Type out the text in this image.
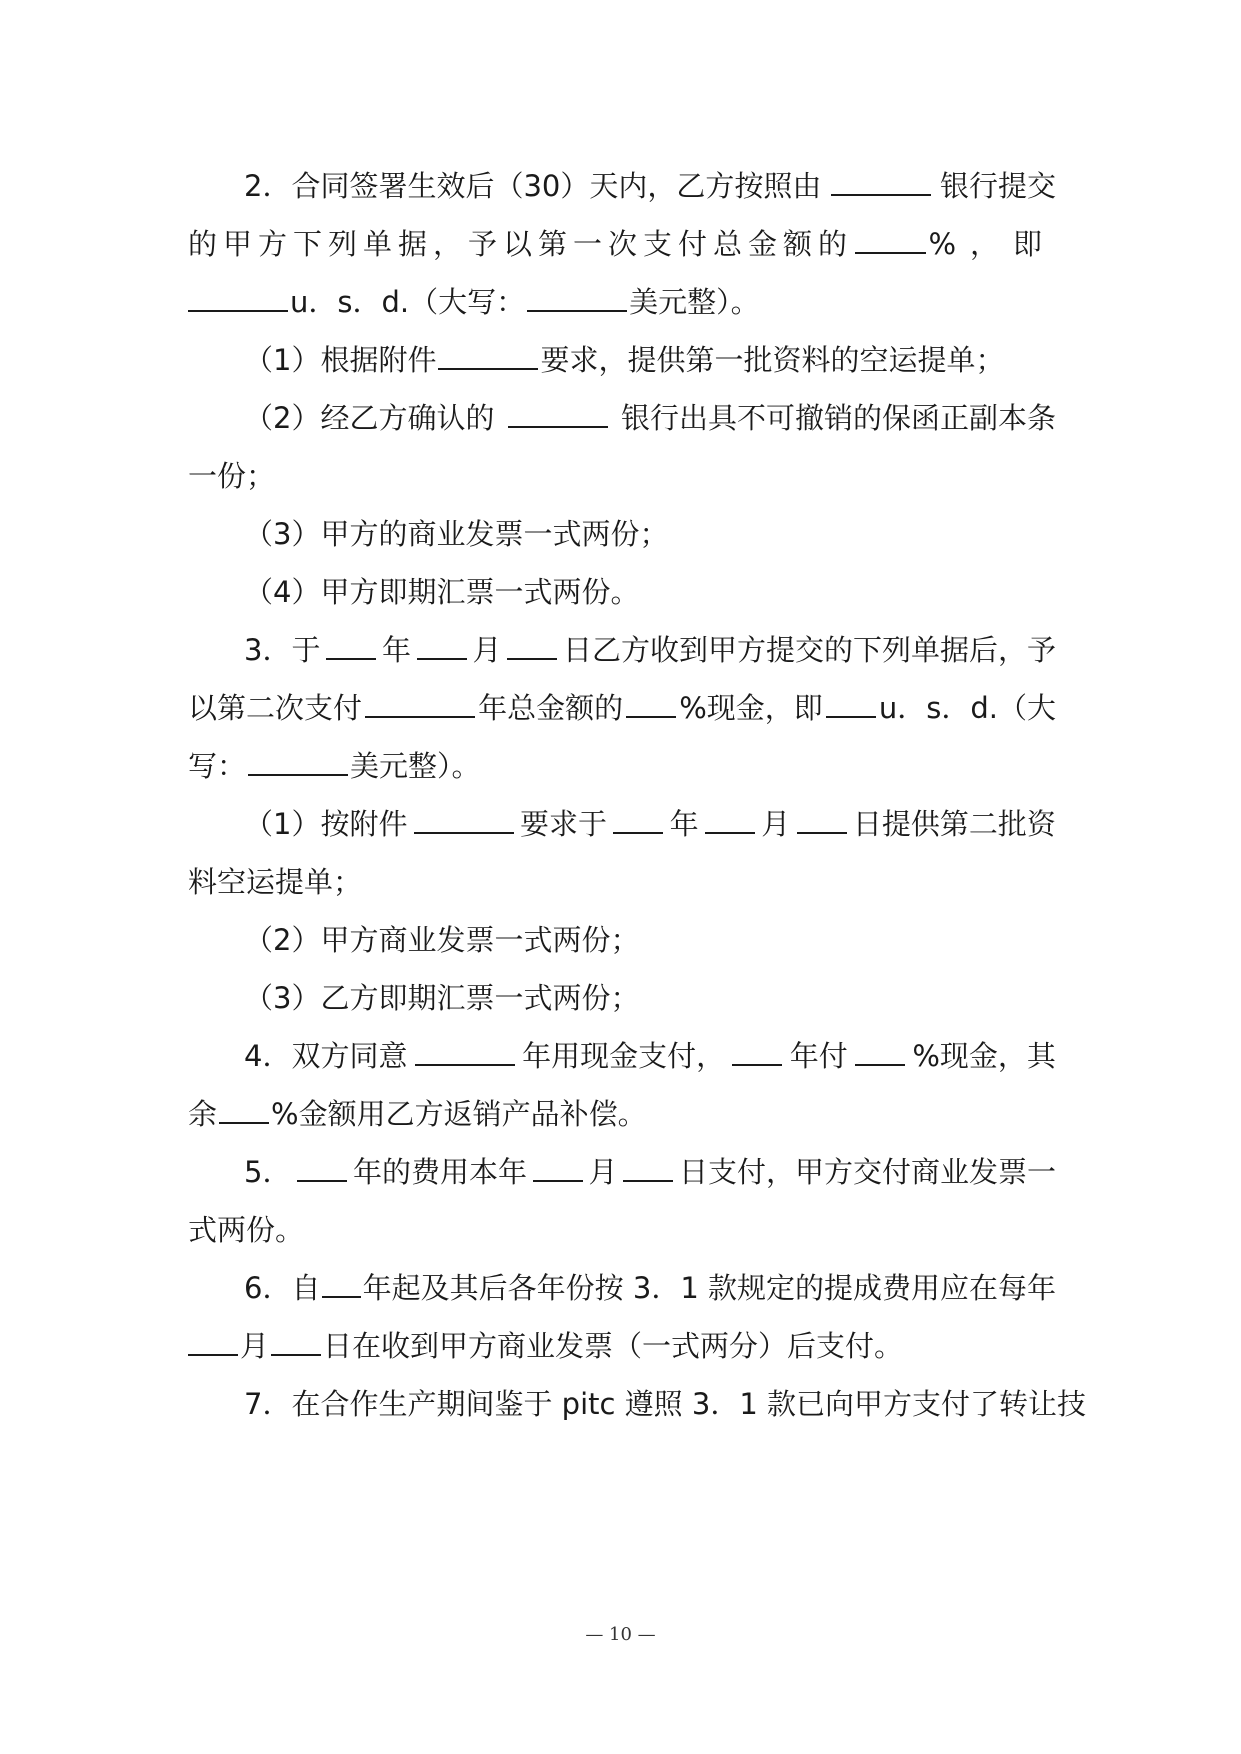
2．合同签署生效后（30）天内，乙方按照由	银行提交
的甲方下列单据，予以第一次支付总金额的	%，即
u．s．d.（大写：	美元整）。
（1）根据附件	要求，提供第一批资料的空运提单；
（2）经乙方确认的	银行出具不可撤销的保函正副本条
一份；
（3）甲方的商业发票一式两份；
（4）甲方即期汇票一式两份。
3．于 年 月 日乙方收到甲方提交的下列单据后，予
以第二次支付	年总金额的 %现金，即 u．s．d.（大
写：	美元整）。
（1）按附件	要求于 年 月 日提供第二批资
料空运提单；
（2）甲方商业发票一式两份；
（3）乙方即期汇票一式两份；
4．双方同意	年用现金支付， 年付 %现金，其
余 %金额用乙方返销产品补偿。
5． 年的费用本年 月 日支付，甲方交付商业发票一
式两份。
6．自 年起及其后各年份按 3．1 款规定的提成费用应在每年
月 日在收到甲方商业发票（一式两分）后支付。
7．在合作生产期间鉴于 pitc 遵照 3．1 款已向甲方支付了转让技
— 10 —
